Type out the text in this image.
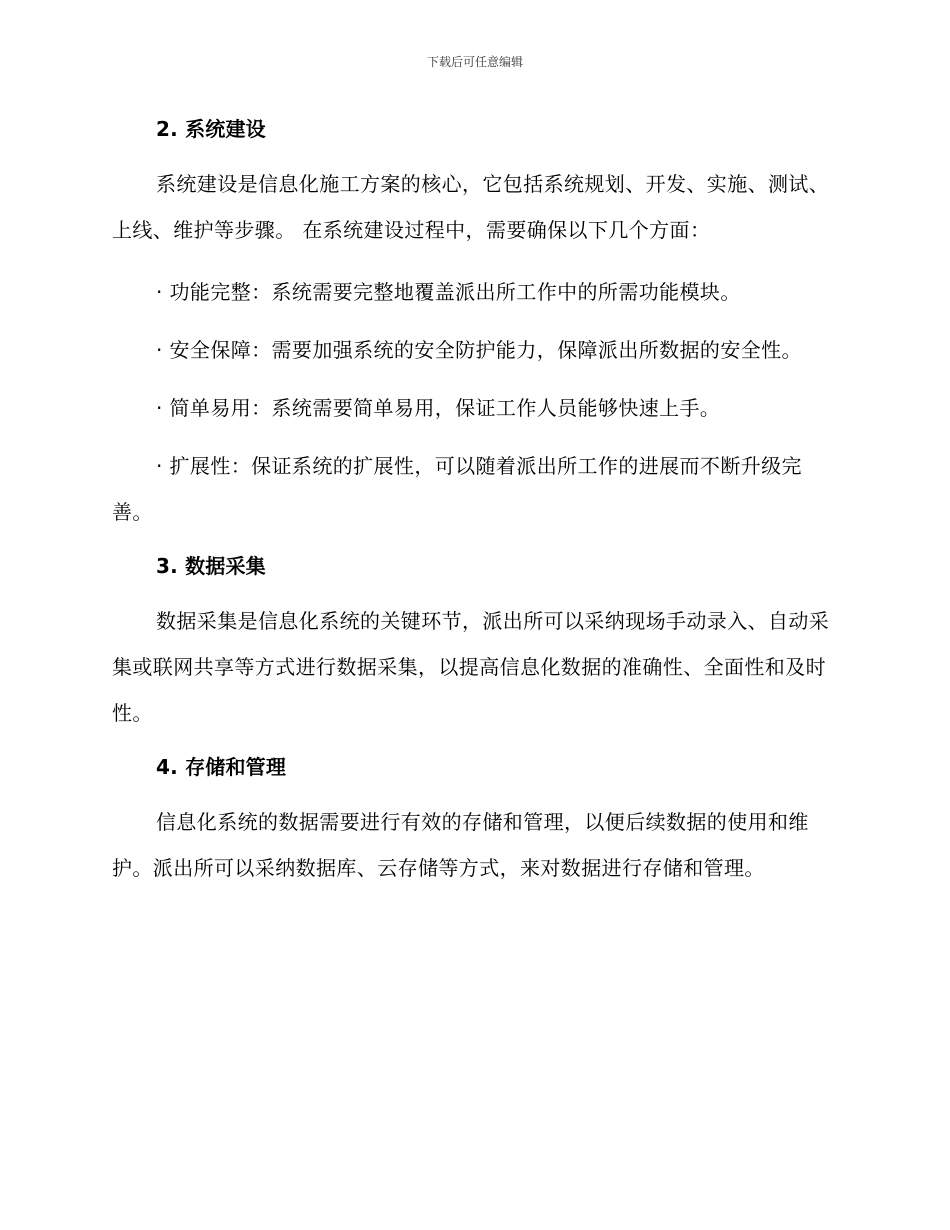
下载后可任意编辑
2. 系统建设

系统建设是信息化施工方案的核心，它包括系统规划、开发、实施、测试、上线、维护等步骤。 在系统建设过程中，需要确保以下几个方面：

· 功能完整：系统需要完整地覆盖派出所工作中的所需功能模块。

· 安全保障：需要加强系统的安全防护能力，保障派出所数据的安全性。

· 简单易用：系统需要简单易用，保证工作人员能够快速上手。

· 扩展性：保证系统的扩展性，可以随着派出所工作的进展而不断升级完善。

3. 数据采集

数据采集是信息化系统的关键环节，派出所可以采纳现场手动录入、自动采集或联网共享等方式进行数据采集，以提高信息化数据的准确性、全面性和及时性。

4. 存储和管理

信息化系统的数据需要进行有效的存储和管理，以便后续数据的使用和维护。派出所可以采纳数据库、云存储等方式，来对数据进行存储和管理。
